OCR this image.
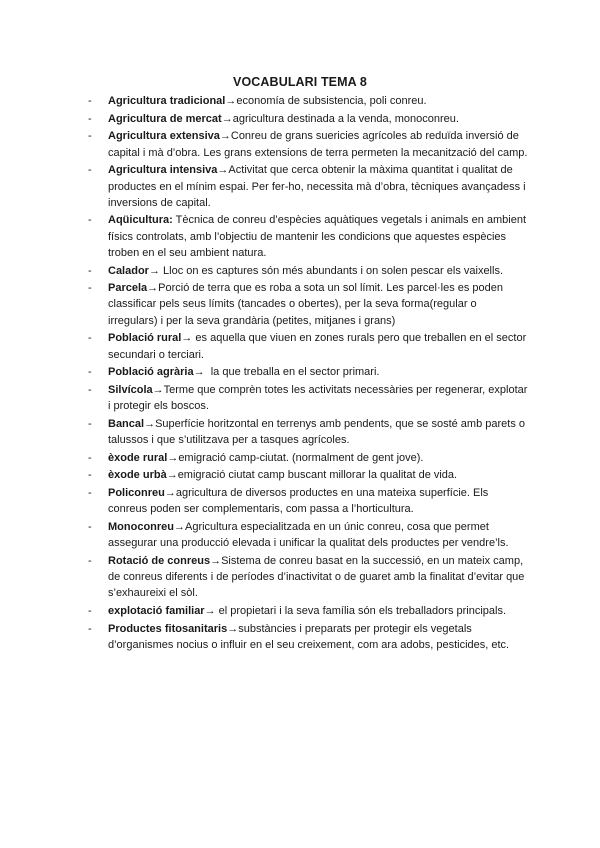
VOCABULARI TEMA 8
-	Agricultura tradicional→economía de subsistencia, poli conreu.
-	Agricultura de mercat→agricultura destinada a la venda, monoconreu.
-	Agricultura extensiva→Conreu de grans suericies agrícoles ab reduïda inversió de capital i mà d’obra. Les grans extensions de terra permeten la mecanització del camp.
-	Agricultura intensiva→Activitat que cerca obtenir la màxima quantitat i qualitat de productes en el mínim espai. Per fer-ho, necessita mà d’obra, tècniques avançadess i inversions de capital.
-	Aqüicultura: Tècnica de conreu d’espècies aquàtiques vegetals i animals en ambient físics controlats, amb l’objectiu de mantenir les condicions que aquestes espècies troben en el seu ambient natura.
-	Calador→ Lloc on es captures són més abundants i on solen pescar els vaixells.
-	Parcela→Porció de terra que es roba a sota un sol límit. Les parcel·les es poden classificar pels seus límits (tancades o obertes), per la seva forma(regular o irregulars) i per la seva grandària (petites, mitjanes i grans)
-	Població rural→ es aquella que viuen en zones rurals pero que treballen en el sector secundari o terciari.
-	Població agrària→  la que treballa en el sector primari.
-	Silvícola→Terme que comprèn totes les activitats necessàries per regenerar, explotar i protegir els boscos.
-	Bancal→Superfície horitzontal en terrenys amb pendents, que se sosté amb parets o talussos i que s’utilitzava per a tasques agrícoles.
-	èxode rural→emigració camp-ciutat. (normalment de gent jove).
-	èxode urbà→emigració ciutat camp buscant millorar la qualitat de vida.
-	Policonreu→agricultura de diversos productes en una mateixa superfície. Els conreus poden ser complementaris, com passa a l’horticultura.
-	Monoconreu→Agricultura especialitzada en un únic conreu, cosa que permet assegurar una producció elevada i unificar la qualitat dels productes per vendre’ls.
-	Rotació de conreus→Sistema de conreu basat en la successió, en un mateix camp, de conreus diferents i de períodes d’inactivitat o de guaret amb la finalitat d’evitar que s’exhaureixi el sòl.
-	explotació familiar→ el propietari i la seva família són els treballadors principals.
-	Productes fitosanitaris→substàncies i preparats per protegir els vegetals d’organismes nocius o influir en el seu creixement, com ara adobs, pesticides, etc.
